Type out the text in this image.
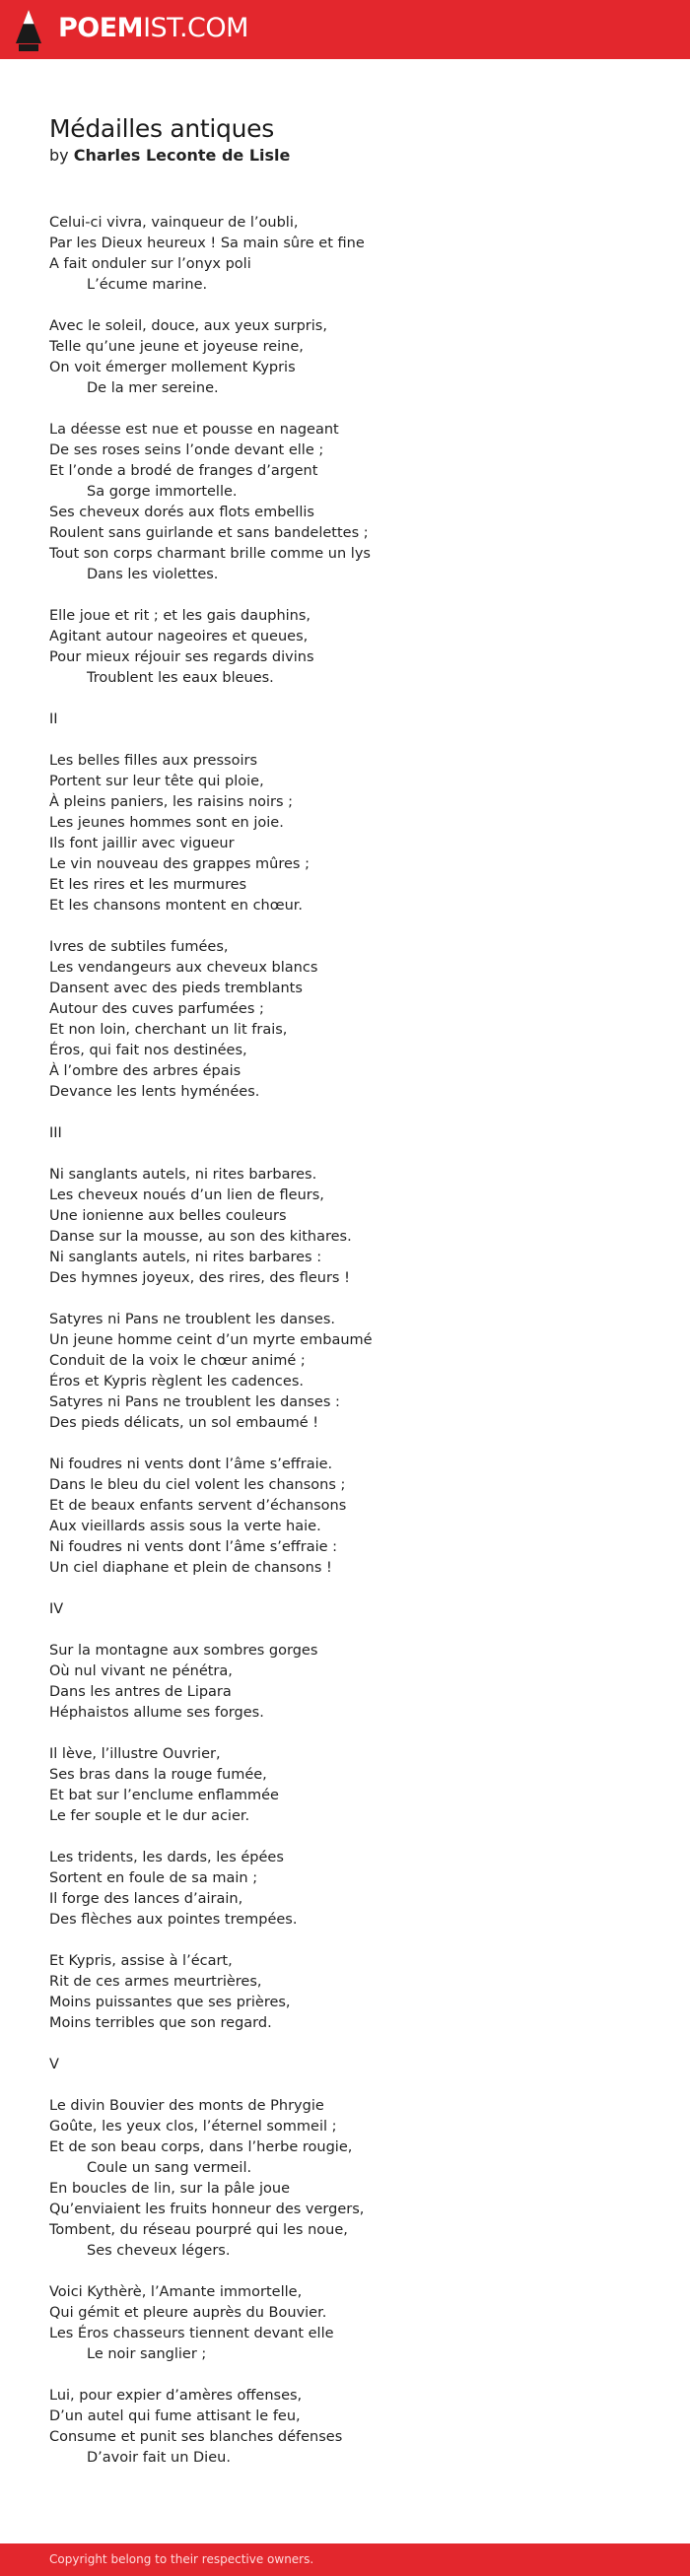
POEMIST.COM
Médailles antiques
by Charles Leconte de Lisle
Celui-ci vivra, vainqueur de l’oubli,
Par les Dieux heureux ! Sa main sûre et fine
A fait onduler sur l’onyx poli
L’écume marine.
Avec le soleil, douce, aux yeux surpris,
Telle qu’une jeune et joyeuse reine,
On voit émerger mollement Kypris
De la mer sereine.
La déesse est nue et pousse en nageant
De ses roses seins l’onde devant elle ;
Et l’onde a brodé de franges d’argent
Sa gorge immortelle.
Ses cheveux dorés aux flots embellis
Roulent sans guirlande et sans bandelettes ;
Tout son corps charmant brille comme un lys
Dans les violettes.
Elle joue et rit ; et les gais dauphins,
Agitant autour nageoires et queues,
Pour mieux réjouir ses regards divins
Troublent les eaux bleues.
II
Les belles filles aux pressoirs
Portent sur leur tête qui ploie,
À pleins paniers, les raisins noirs ;
Les jeunes hommes sont en joie.
Ils font jaillir avec vigueur
Le vin nouveau des grappes mûres ;
Et les rires et les murmures
Et les chansons montent en chœur.
Ivres de subtiles fumées,
Les vendangeurs aux cheveux blancs
Dansent avec des pieds tremblants
Autour des cuves parfumées ;
Et non loin, cherchant un lit frais,
Éros, qui fait nos destinées,
À l’ombre des arbres épais
Devance les lents hyménées.
III
Ni sanglants autels, ni rites barbares.
Les cheveux noués d’un lien de fleurs,
Une ionienne aux belles couleurs
Danse sur la mousse, au son des kithares.
Ni sanglants autels, ni rites barbares :
Des hymnes joyeux, des rires, des fleurs !
Satyres ni Pans ne troublent les danses.
Un jeune homme ceint d’un myrte embaumé
Conduit de la voix le chœur animé ;
Éros et Kypris règlent les cadences.
Satyres ni Pans ne troublent les danses :
Des pieds délicats, un sol embaumé !
Ni foudres ni vents dont l’âme s’effraie.
Dans le bleu du ciel volent les chansons ;
Et de beaux enfants servent d’échansons
Aux vieillards assis sous la verte haie.
Ni foudres ni vents dont l’âme s’effraie :
Un ciel diaphane et plein de chansons !
IV
Sur la montagne aux sombres gorges
Où nul vivant ne pénétra,
Dans les antres de Lipara
Héphaistos allume ses forges.
Il lève, l’illustre Ouvrier,
Ses bras dans la rouge fumée,
Et bat sur l’enclume enflammée
Le fer souple et le dur acier.
Les tridents, les dards, les épées
Sortent en foule de sa main ;
Il forge des lances d’airain,
Des flèches aux pointes trempées.
Et Kypris, assise à l’écart,
Rit de ces armes meurtrières,
Moins puissantes que ses prières,
Moins terribles que son regard.
V
Le divin Bouvier des monts de Phrygie
Goûte, les yeux clos, l’éternel sommeil ;
Et de son beau corps, dans l’herbe rougie,
Coule un sang vermeil.
En boucles de lin, sur la pâle joue
Qu’enviaient les fruits honneur des vergers,
Tombent, du réseau pourpré qui les noue,
Ses cheveux légers.
Voici Kythèrè, l’Amante immortelle,
Qui gémit et pleure auprès du Bouvier.
Les Éros chasseurs tiennent devant elle
Le noir sanglier ;
Lui, pour expier d’amères offenses,
D’un autel qui fume attisant le feu,
Consume et punit ses blanches défenses
D’avoir fait un Dieu.
Copyright belong to their respective owners.
